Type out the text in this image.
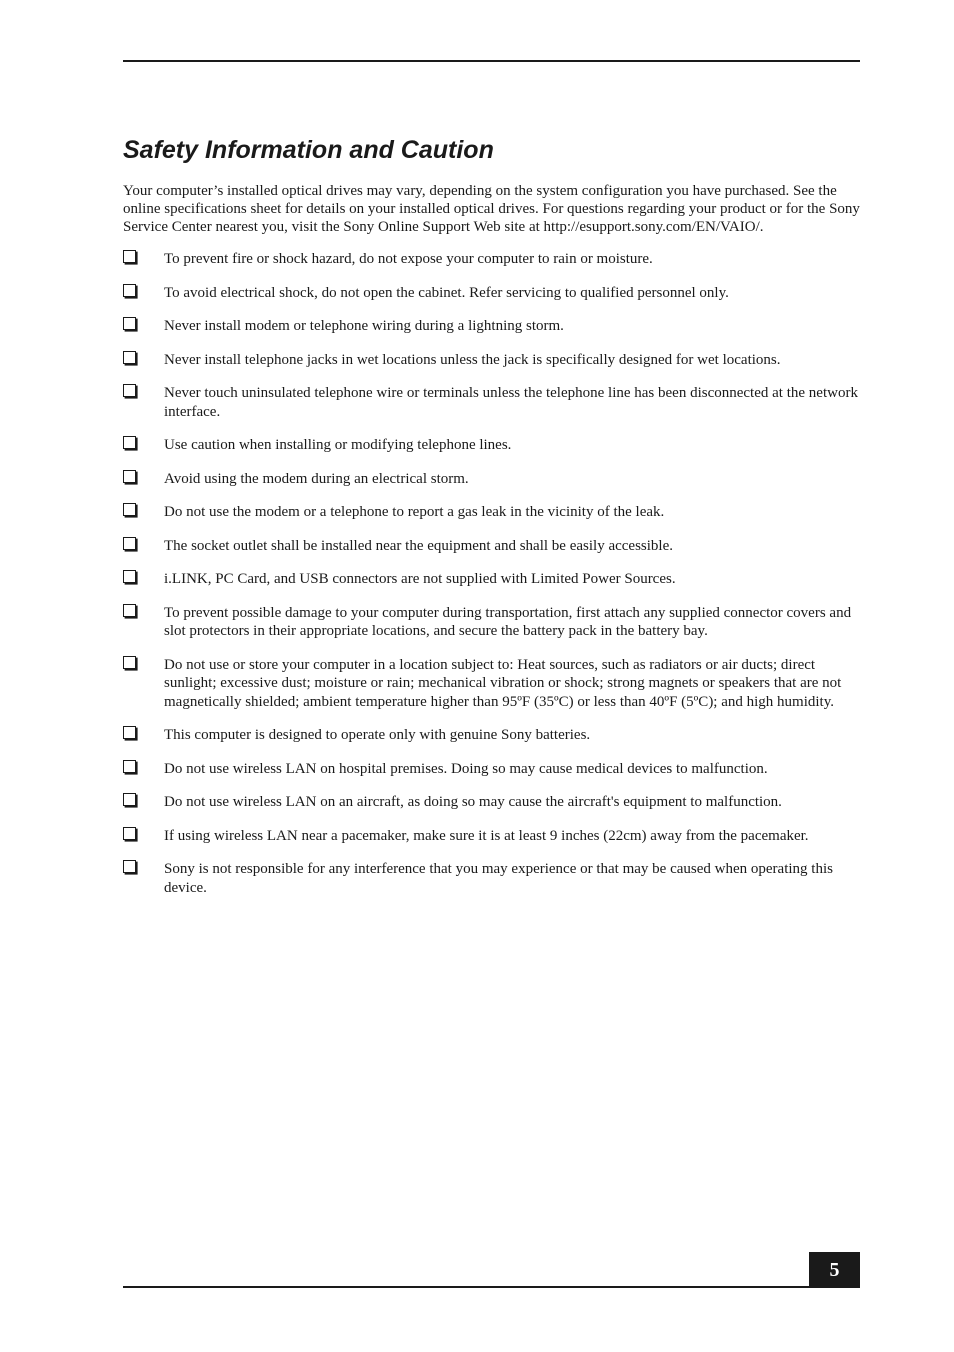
Safety Information and Caution

Your computer’s installed optical drives may vary, depending on the system configuration you have purchased. See the online specifications sheet for details on your installed optical drives. For questions regarding your product or for the Sony Service Center nearest you, visit the Sony Online Support Web site at http://esupport.sony.com/EN/VAIO/.

To prevent fire or shock hazard, do not expose your computer to rain or moisture.
To avoid electrical shock, do not open the cabinet. Refer servicing to qualified personnel only.
Never install modem or telephone wiring during a lightning storm.
Never install telephone jacks in wet locations unless the jack is specifically designed for wet locations.
Never touch uninsulated telephone wire or terminals unless the telephone line has been disconnected at the network interface.
Use caution when installing or modifying telephone lines.
Avoid using the modem during an electrical storm.
Do not use the modem or a telephone to report a gas leak in the vicinity of the leak.
The socket outlet shall be installed near the equipment and shall be easily accessible.
i.LINK, PC Card, and USB connectors are not supplied with Limited Power Sources.
To prevent possible damage to your computer during transportation, first attach any supplied connector covers and slot protectors in their appropriate locations, and secure the battery pack in the battery bay.
Do not use or store your computer in a location subject to: Heat sources, such as radiators or air ducts; direct sunlight; excessive dust; moisture or rain; mechanical vibration or shock; strong magnets or speakers that are not magnetically shielded; ambient temperature higher than 95ºF (35ºC) or less than 40ºF (5ºC); and high humidity.
This computer is designed to operate only with genuine Sony batteries.
Do not use wireless LAN on hospital premises. Doing so may cause medical devices to malfunction.
Do not use wireless LAN on an aircraft, as doing so may cause the aircraft's equipment to malfunction.
If using wireless LAN near a pacemaker, make sure it is at least 9 inches (22cm) away from the pacemaker.
Sony is not responsible for any interference that you may experience or that may be caused when operating this device.
5
